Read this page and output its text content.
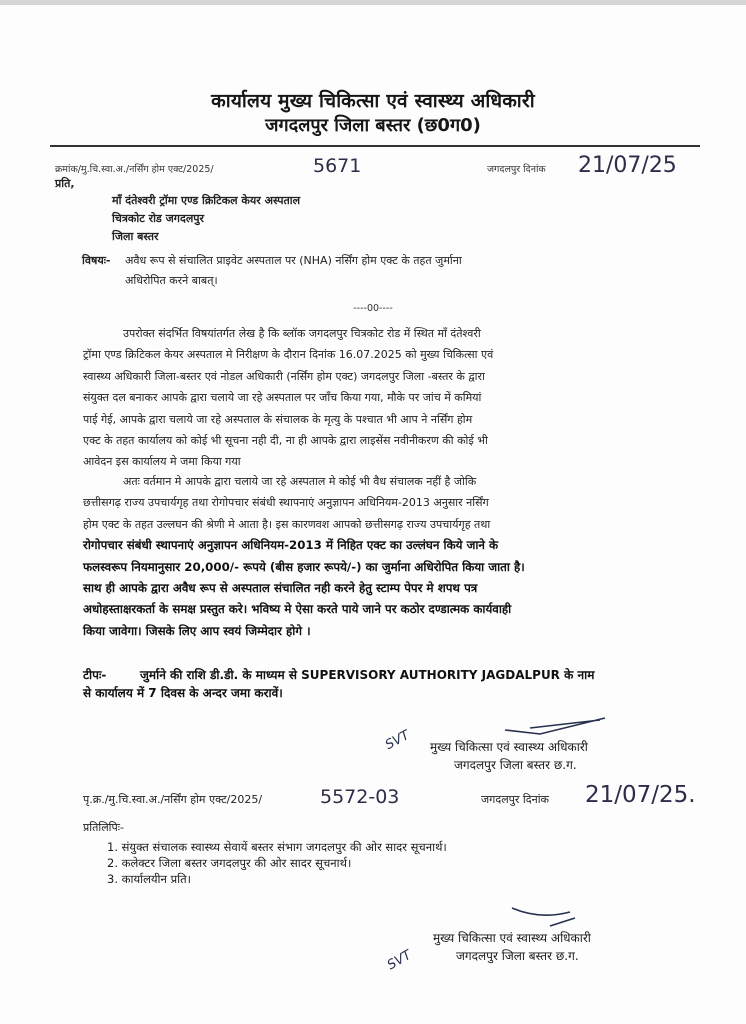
कार्यालय मुख्य चिकित्सा एवं स्वास्थ्य अधिकारी
जगदलपुर जिला बस्तर (छ0ग0)
क्रमांक/मु.चि.स्वा.अ./नर्सिंग होम एक्ट/2025/	5671	जगदलपुर दिनांक 21/07/25
प्रति,
माँ दंतेश्वरी ट्रॉमा एण्ड क्रिटिकल केयर अस्पताल
चित्रकोट रोड जगदलपुर
जिला बस्तर
विषयः- अवैध रूप से संचालित प्राइवेट अस्पताल पर (NHA) नर्सिंग होम एक्ट के तहत जुर्माना
अधिरोपित करने बाबत्।
----00----
उपरोक्त संदर्भित विषयांतर्गत लेख है कि ब्लॉक जगदलपुर चित्रकोट रोड में स्थित माँ दंतेश्वरी
ट्रॉमा एण्ड क्रिटिकल केयर अस्पताल मे निरीक्षण के दौरान दिनांक 16.07.2025 को मुख्य चिकित्सा एवं
स्वास्थ्य अधिकारी जिला-बस्तर एवं नोडल अधिकारी (नर्सिंग होम एक्ट) जगदलपुर जिला -बस्तर के द्वारा
संयुक्त दल बनाकर आपके द्वारा चलाये जा रहे अस्पताल पर जाँच किया गया, मौके पर जांच में कमियां
पाई गेई, आपके द्वारा चलाये जा रहे अस्पताल के संचालक के मृत्यु के पश्चात भी आप ने नर्सिंग होम
एक्ट के तहत कार्यालय को कोई भी सूचना नही दी, ना ही आपके द्वारा लाइसेंस नवीनीकरण की कोई भी
आवेदन इस कार्यालय मे जमा किया गया
अतः वर्तमान मे आपके द्वारा चलाये जा रहे अस्पताल मे कोई भी वैध संचालक नहीं है जोकि
छत्तीसगढ़ राज्य उपचार्यगृह तथा रोगोपचार संबंधी स्थापनाएं अनुज्ञापन अधिनियम-2013 अनुसार नर्सिंग
होम एक्ट के तहत उल्लघन की श्रेणी मे आता है। इस कारणवश आपको छत्तीसगढ़ राज्य उपचार्यगृह तथा
रोगोपचार संबंधी स्थापनाएं अनुज्ञापन अधिनियम-2013 में निहित एक्ट का उल्लंघन किये जाने के
फलस्वरूप नियमानुसार 20,000/- रूपये (बीस हजार रूपये/-) का जुर्माना अधिरोपित किया जाता है।
साथ ही आपके द्वारा अवैध रूप से अस्पताल संचालित नही करने हेतु स्टाम्प पेपर मे शपथ पत्र
अधोहस्ताक्षरकर्ता के समक्ष प्रस्तुत करे। भविष्य मे ऐसा करते पाये जाने पर कठोर दण्डात्मक कार्यवाही
किया जावेगा। जिसके लिए आप स्वयं जिम्मेदार होगे ।
टीपः-	जुर्माने की राशि डी.डी. के माध्यम से SUPERVISORY AUTHORITY JAGDALPUR के नाम
से कार्यालय में 7 दिवस के अन्दर जमा करावें।
SVT मुख्य चिकित्सा एवं स्वास्थ्य अधिकारी
जगदलपुर जिला बस्तर छ.ग.
पृ.क्र./मु.चि.स्वा.अ./नर्सिंग होम एक्ट/2025/	5572-03	जगदलपुर दिनांक 21/07/25.
प्रतिलिपिः-
1. संयुक्त संचालक स्वास्थ्य सेवायें बस्तर संभाग जगदलपुर की ओर सादर सूचनार्थ।
2. कलेक्टर जिला बस्तर जगदलपुर की ओर सादर सूचनार्थ।
3. कार्यालयीन प्रति।
मुख्य चिकित्सा एवं स्वास्थ्य अधिकारी
जगदलपुर जिला बस्तर छ.ग.
SVT
